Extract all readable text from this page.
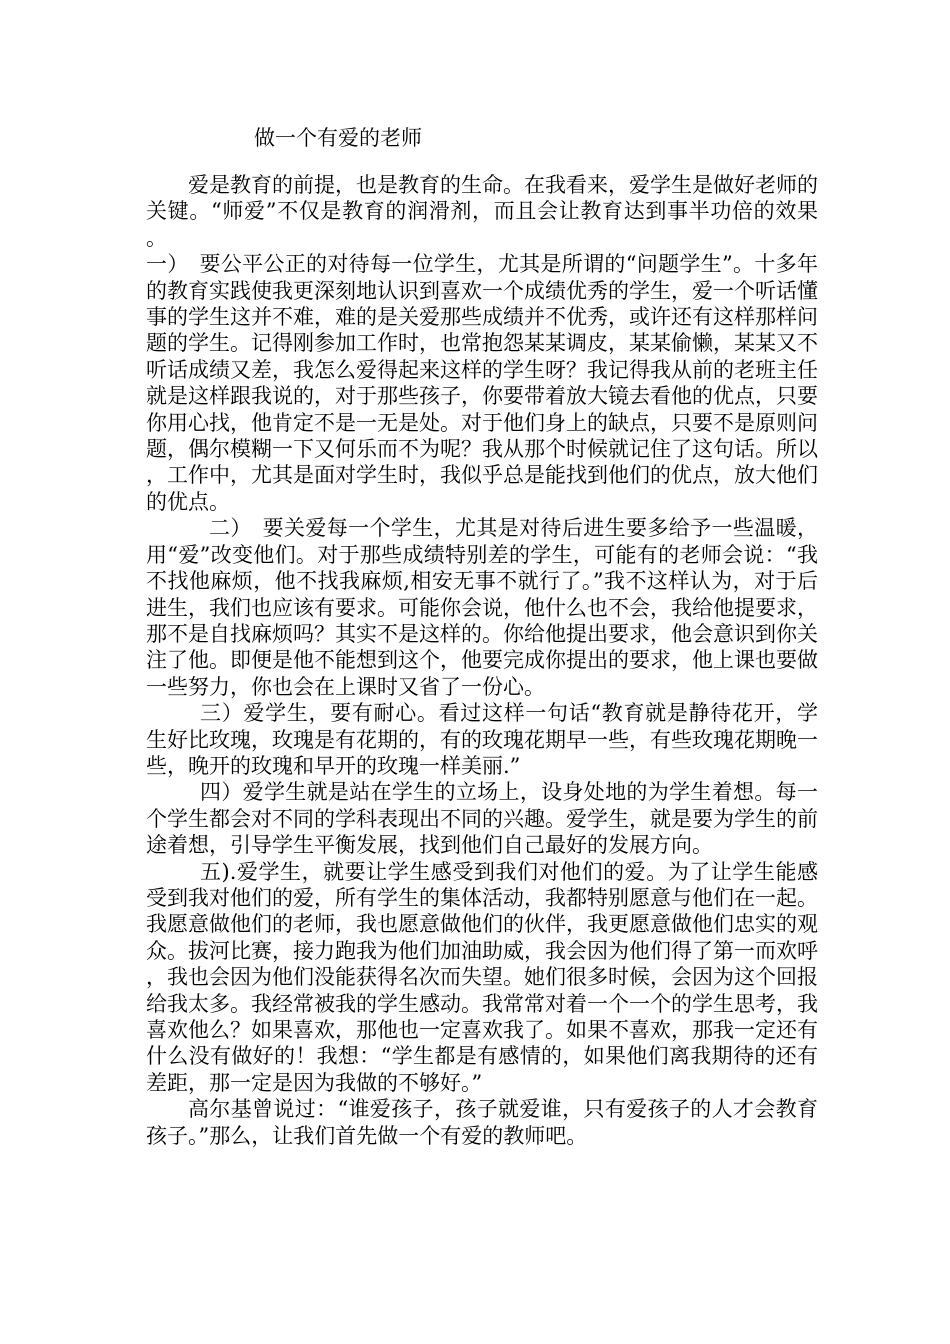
做一个有爱的老师

爱是教育的前提，也是教育的生命。在我看来，爱学生是做好老师的关键。“师爱”不仅是教育的润滑剂，而且会让教育达到事半功倍的效果。

一）　要公平公正的对待每一位学生，尤其是所谓的“问题学生”。十多年的教育实践使我更深刻地认识到喜欢一个成绩优秀的学生，爱一个听话懂事的学生这并不难，难的是关爱那些成绩并不优秀，或许还有这样那样问题的学生。记得刚参加工作时，也常抱怨某某调皮，某某偷懒，某某又不听话成绩又差，我怎么爱得起来这样的学生呀？我记得我从前的老班主任就是这样跟我说的，对于那些孩子，你要带着放大镜去看他的优点，只要你用心找，他肯定不是一无是处。对于他们身上的缺点，只要不是原则问题，偶尔模糊一下又何乐而不为呢？我从那个时候就记住了这句话。所以，工作中，尤其是面对学生时，我似乎总是能找到他们的优点，放大他们的优点。

二）　要关爱每一个学生，尤其是对待后进生要多给予一些温暖，用“爱”改变他们。对于那些成绩特别差的学生，可能有的老师会说：“我不找他麻烦，他不找我麻烦,相安无事不就行了。”我不这样认为，对于后进生，我们也应该有要求。可能你会说，他什么也不会，我给他提要求，那不是自找麻烦吗？其实不是这样的。你给他提出要求，他会意识到你关注了他。即便是他不能想到这个，他要完成你提出的要求，他上课也要做一些努力，你也会在上课时又省了一份心。

三）爱学生，要有耐心。看过这样一句话“教育就是静待花开，学生好比玫瑰，玫瑰是有花期的，有的玫瑰花期早一些，有些玫瑰花期晚一些，晚开的玫瑰和早开的玫瑰一样美丽.”

四）爱学生就是站在学生的立场上，设身处地的为学生着想。每一个学生都会对不同的学科表现出不同的兴趣。爱学生，就是要为学生的前途着想，引导学生平衡发展，找到他们自己最好的发展方向。

五).爱学生，就要让学生感受到我们对他们的爱。为了让学生能感受到我对他们的爱，所有学生的集体活动，我都特别愿意与他们在一起。我愿意做他们的老师，我也愿意做他们的伙伴，我更愿意做他们忠实的观众。拔河比赛，接力跑我为他们加油助威，我会因为他们得了第一而欢呼，我也会因为他们没能获得名次而失望。她们很多时候，会因为这个回报给我太多。我经常被我的学生感动。我常常对着一个一个的学生思考，我喜欢他么？如果喜欢，那他也一定喜欢我了。如果不喜欢，那我一定还有什么没有做好的！我想：“学生都是有感情的，如果他们离我期待的还有差距，那一定是因为我做的不够好。”

高尔基曾说过：“谁爱孩子，孩子就爱谁，只有爱孩子的人才会教育孩子。”那么，让我们首先做一个有爱的教师吧。
